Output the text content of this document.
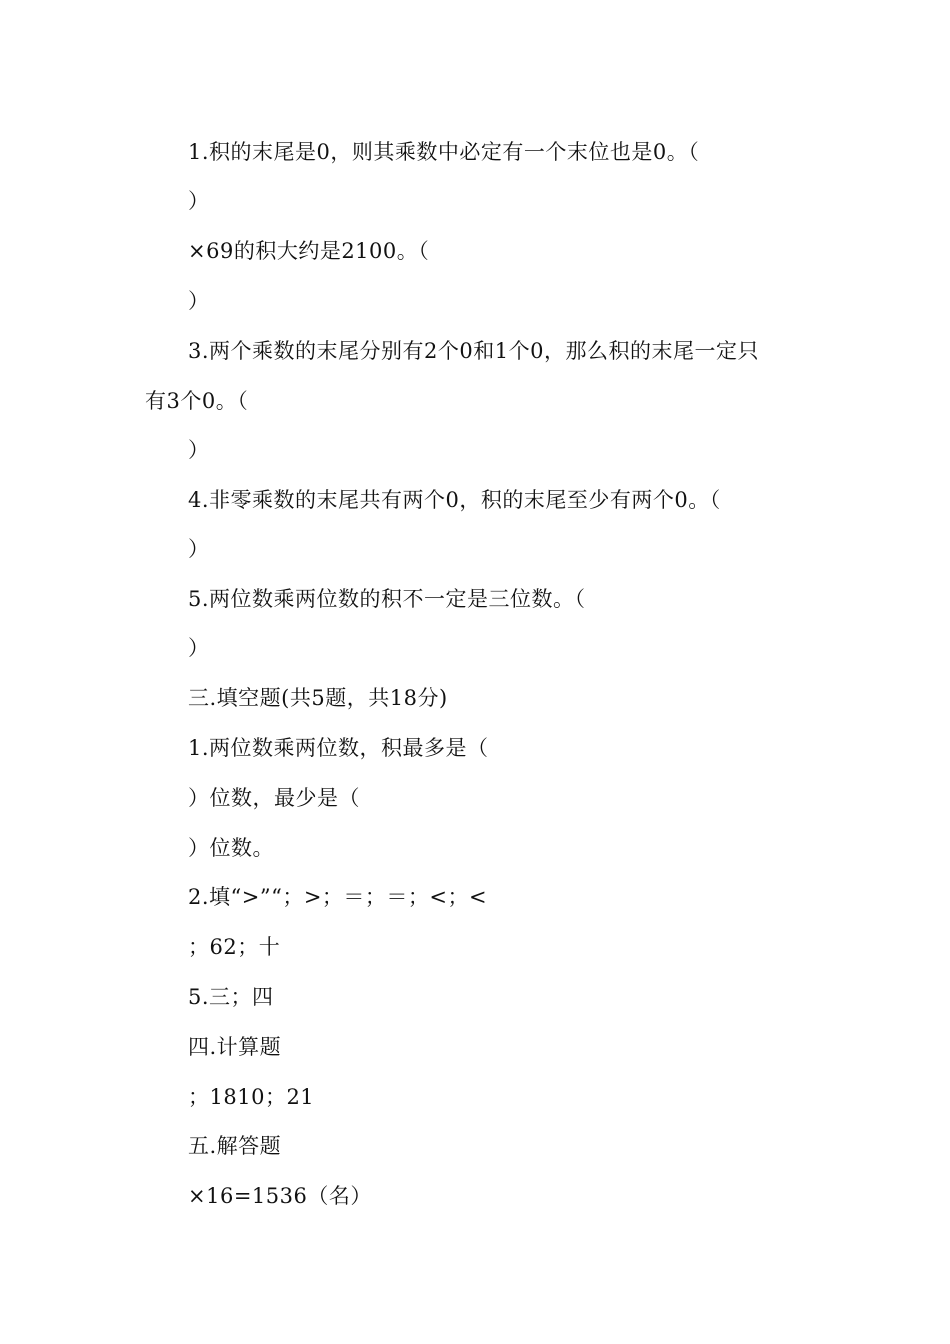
1.积的末尾是0，则其乘数中必定有一个末位也是0。（
）
×69的积大约是2100。（
）
3.两个乘数的末尾分别有2个0和1个0，那么积的末尾一定只
有3个0。（
）
4.非零乘数的末尾共有两个0，积的末尾至少有两个0。（
）
5.两位数乘两位数的积不一定是三位数。（
）
三.填空题(共5题，共18分)
1.两位数乘两位数，积最多是（
）位数，最少是（
）位数。
2.填“>”“；>；＝；＝；<；<
；62；十
5.三；四
四.计算题
；1810；21
五.解答题
×16=1536（名）
